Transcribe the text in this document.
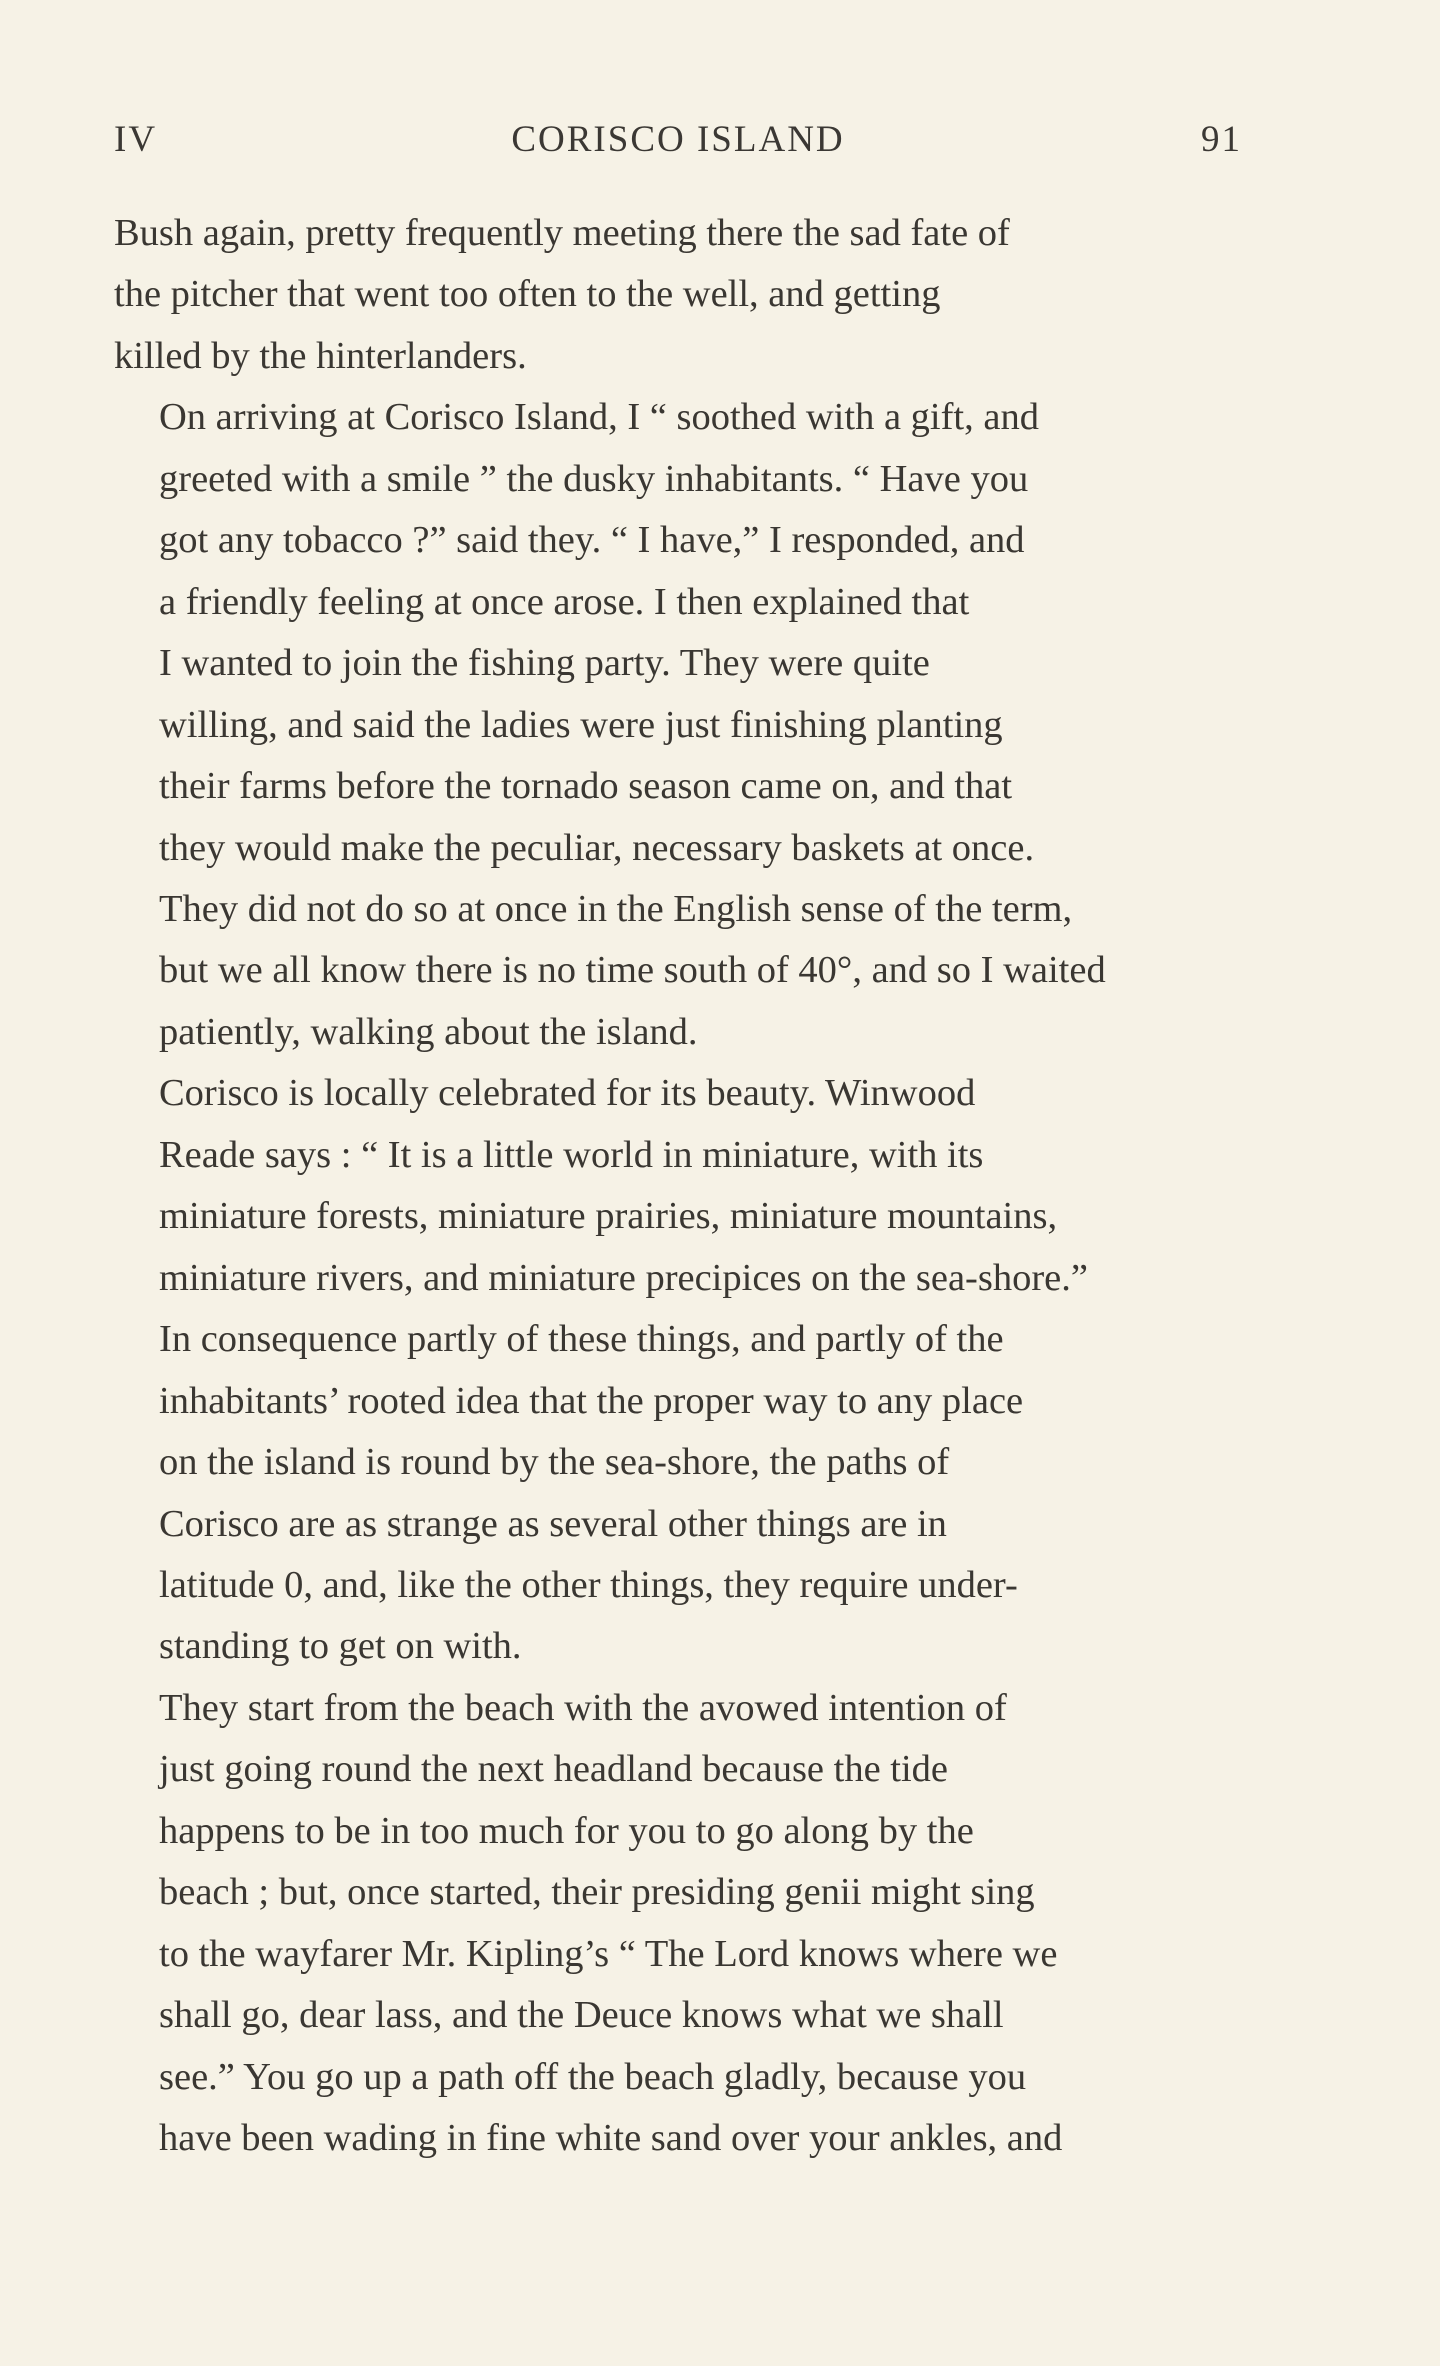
IV	CORISCO ISLAND	91

Bush again, pretty frequently meeting there the sad fate of
the pitcher that went too often to the well, and getting
killed by the hinterlanders.

On arriving at Corisco Island, I “ soothed with a gift, and
greeted with a smile ” the dusky inhabitants. “ Have you
got any tobacco ?” said they. “ I have,” I responded, and
a friendly feeling at once arose. I then explained that
I wanted to join the fishing party. They were quite
willing, and said the ladies were just finishing planting
their farms before the tornado season came on, and that
they would make the peculiar, necessary baskets at once.
They did not do so at once in the English sense of the term,
but we all know there is no time south of 40°, and so I waited
patiently, walking about the island.

Corisco is locally celebrated for its beauty. Winwood
Reade says : “ It is a little world in miniature, with its
miniature forests, miniature prairies, miniature mountains,
miniature rivers, and miniature precipices on the sea-shore.”
In consequence partly of these things, and partly of the
inhabitants’ rooted idea that the proper way to any place
on the island is round by the sea-shore, the paths of
Corisco are as strange as several other things are in
latitude 0, and, like the other things, they require under-
standing to get on with.

They start from the beach with the avowed intention of
just going round the next headland because the tide
happens to be in too much for you to go along by the
beach ; but, once started, their presiding genii might sing
to the wayfarer Mr. Kipling’s “ The Lord knows where we
shall go, dear lass, and the Deuce knows what we shall
see.” You go up a path off the beach gladly, because you
have been wading in fine white sand over your ankles, and
